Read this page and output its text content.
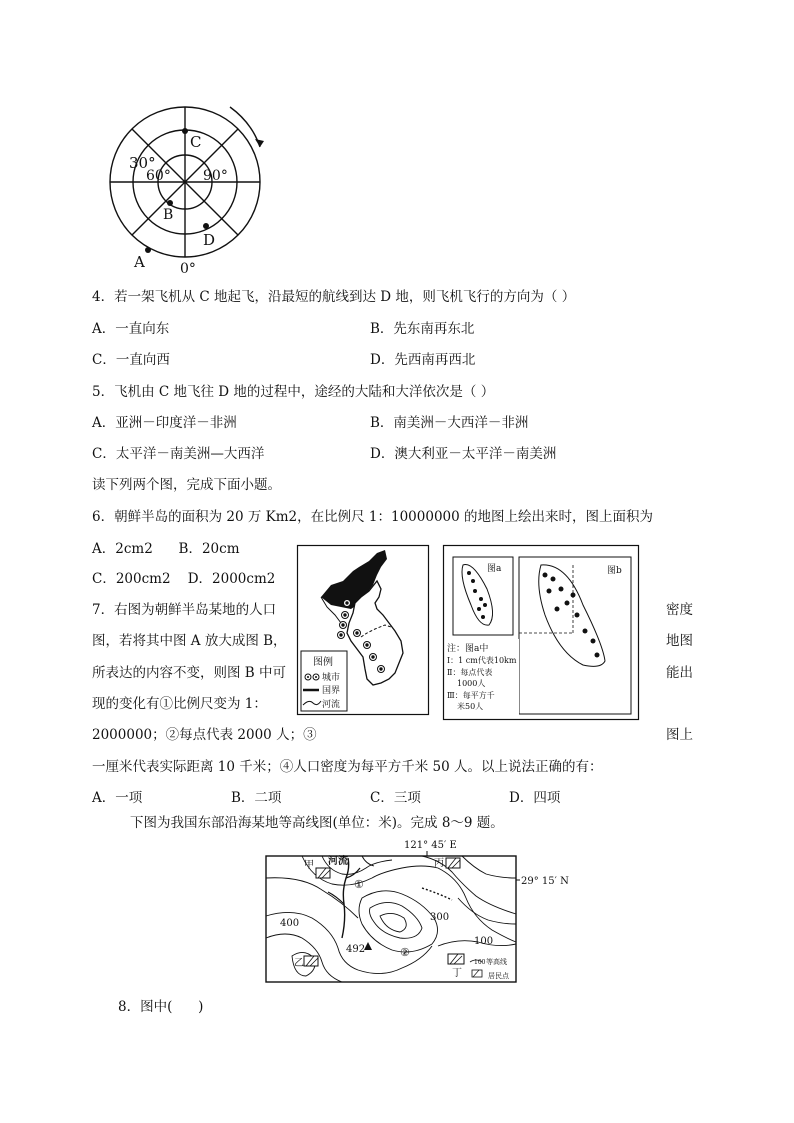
C
B
D
A
30°
60° 90°
0°
4．若一架飞机从 C 地起飞，沿最短的航线到达 D 地，则飞机飞行的方向为（ ）
A．一直向东	B．先东南再东北
C．一直向西	D．先西南再西北
5．飞机由 C 地飞往 D 地的过程中，途经的大陆和大洋依次是（ ）
A．亚洲－印度洋－非洲	B．南美洲－大西洋－非洲
C．太平洋－南美洲—大西洋	D．澳大利亚－太平洋－南美洲
读下列两个图，完成下面小题。
6．朝鲜半岛的面积为 20 万 Km2，在比例尺 1：10000000 的地图上绘出来时，图上面积为
A．2cm2      B．20cm
C．200cm2    D．2000cm2
图例
城市
国界
河流
图a	图b
注：图a中
Ⅰ：1 cm代表10km
Ⅱ：每点代表
1000人
Ⅲ：每平方千
米50人
7．右图为朝鲜半岛某地的人口	密度
图，若将其中图 A 放大成图 B，	地图
所表达的内容不变，则图 B 中可	能出
现的变化有①比例尺变为 1：
2000000；②每点代表 2000 人；③	图上
一厘米代表实际距离 10 千米；④人口密度为每平方千米 50 人。以上说法正确的有：
A．一项	B．二项	C．三项	D．四项
下图为我国东部沿海某地等高线图(单位：米)。完成 8～9 题。
121° 45′ E
29° 15′ N
甲 河流	丙
①
400
300
100
492	②
乙
丁
100 等高线
居民点
8．图中(      )
